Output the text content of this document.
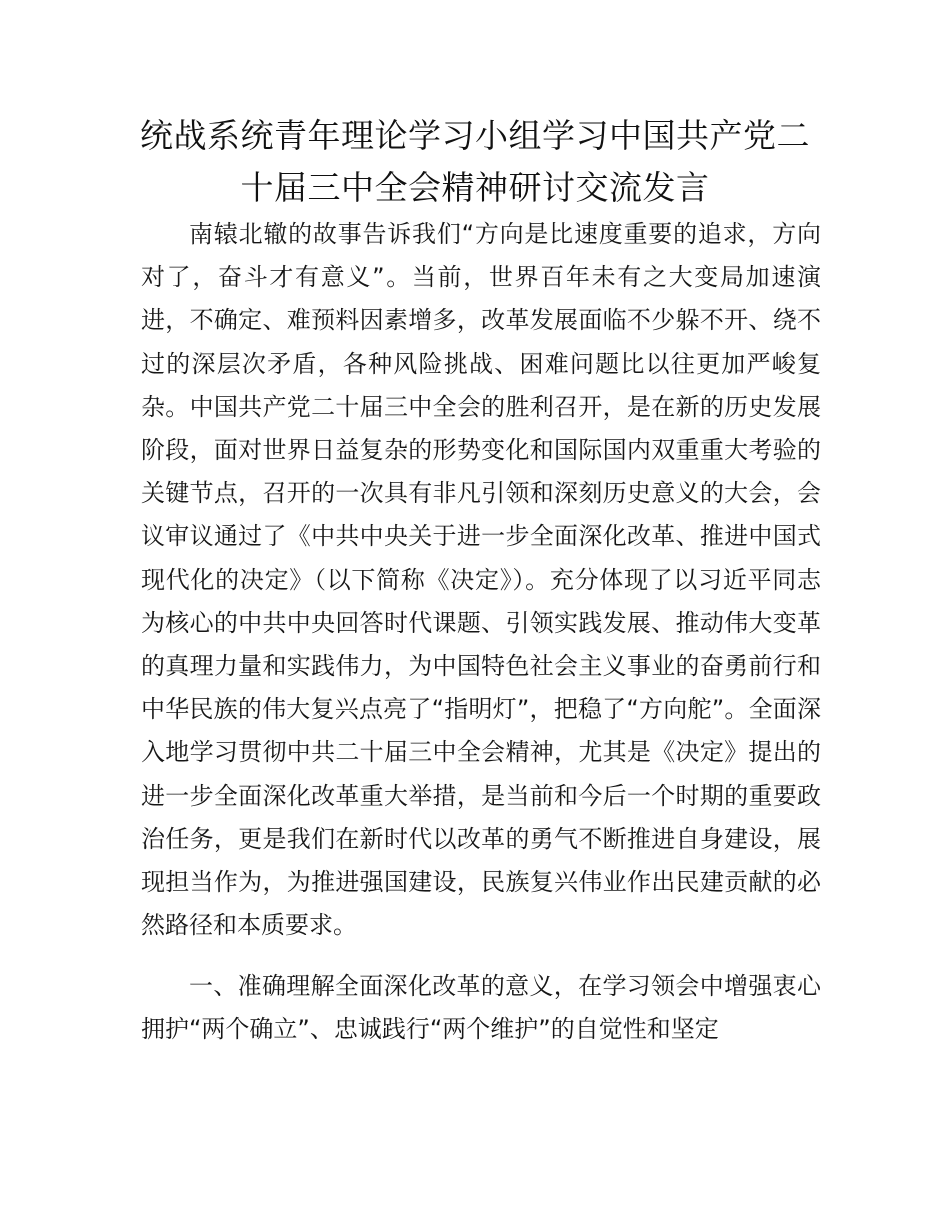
统战系统青年理论学习小组学习中国共产党二
十届三中全会精神研讨交流发言

南辕北辙的故事告诉我们“方向是比速度重要的追求，方向对了，奋斗才有意义”。当前，世界百年未有之大变局加速演进，不确定、难预料因素增多，改革发展面临不少躲不开、绕不过的深层次矛盾，各种风险挑战、困难问题比以往更加严峻复杂。中国共产党二十届三中全会的胜利召开，是在新的历史发展阶段，面对世界日益复杂的形势变化和国际国内双重重大考验的关键节点，召开的一次具有非凡引领和深刻历史意义的大会，会议审议通过了《中共中央关于进一步全面深化改革、推进中国式现代化的决定》（以下简称《决定》）。充分体现了以习近平同志为核心的中共中央回答时代课题、引领实践发展、推动伟大变革的真理力量和实践伟力，为中国特色社会主义事业的奋勇前行和中华民族的伟大复兴点亮了“指明灯”，把稳了“方向舵”。全面深入地学习贯彻中共二十届三中全会精神，尤其是《决定》提出的进一步全面深化改革重大举措，是当前和今后一个时期的重要政治任务，更是我们在新时代以改革的勇气不断推进自身建设，展现担当作为，为推进强国建设，民族复兴伟业作出民建贡献的必然路径和本质要求。

一、准确理解全面深化改革的意义，在学习领会中增强衷心拥护“两个确立”、忠诚践行“两个维护”的自觉性和坚定
